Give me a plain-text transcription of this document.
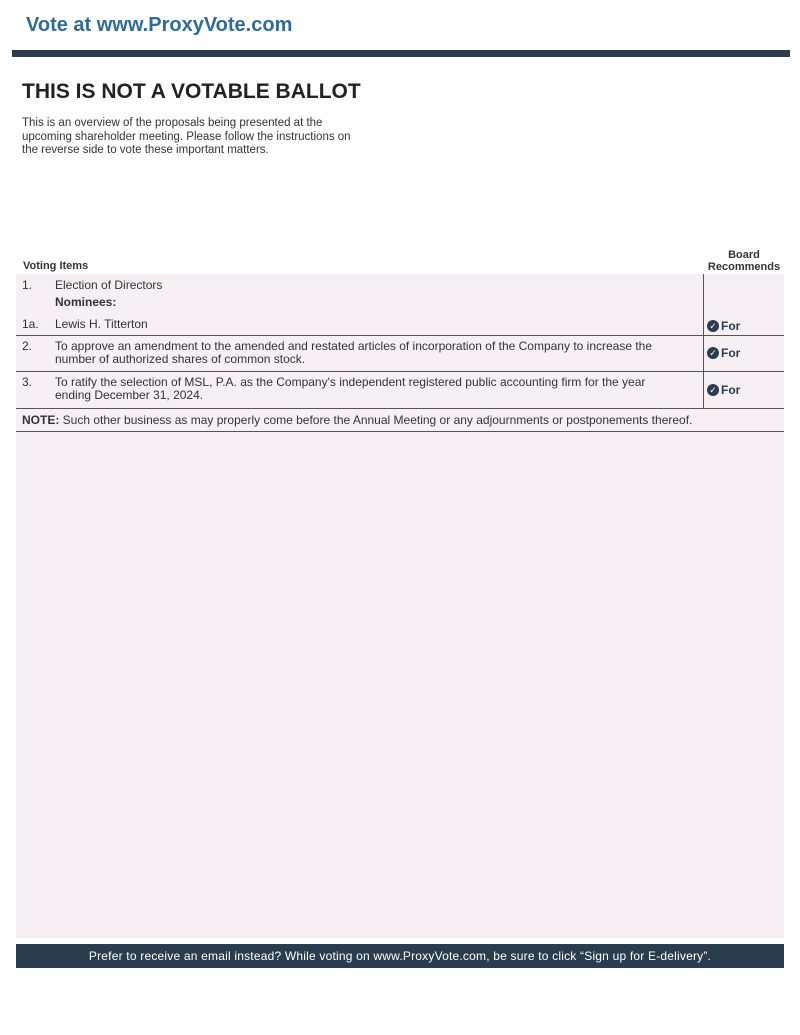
Vote at www.ProxyVote.com
THIS IS NOT A VOTABLE BALLOT

This is an overview of the proposals being presented at the
upcoming shareholder meeting. Please follow the instructions on
the reverse side to vote these important matters.

Voting Items
Board
Recommends
1. Election of Directors
Nominees:
1a. Lewis H. Titterton	✓ For
2. To approve an amendment to the amended and restated articles of incorporation of the Company to increase the
number of authorized shares of common stock.	✓ For
3. To ratify the selection of MSL, P.A. as the Company's independent registered public accounting firm for the year
ending December 31, 2024.	✓ For
NOTE: Such other business as may properly come before the Annual Meeting or any adjournments or postponements thereof.
Prefer to receive an email instead? While voting on www.ProxyVote.com, be sure to click “Sign up for E-delivery”.
